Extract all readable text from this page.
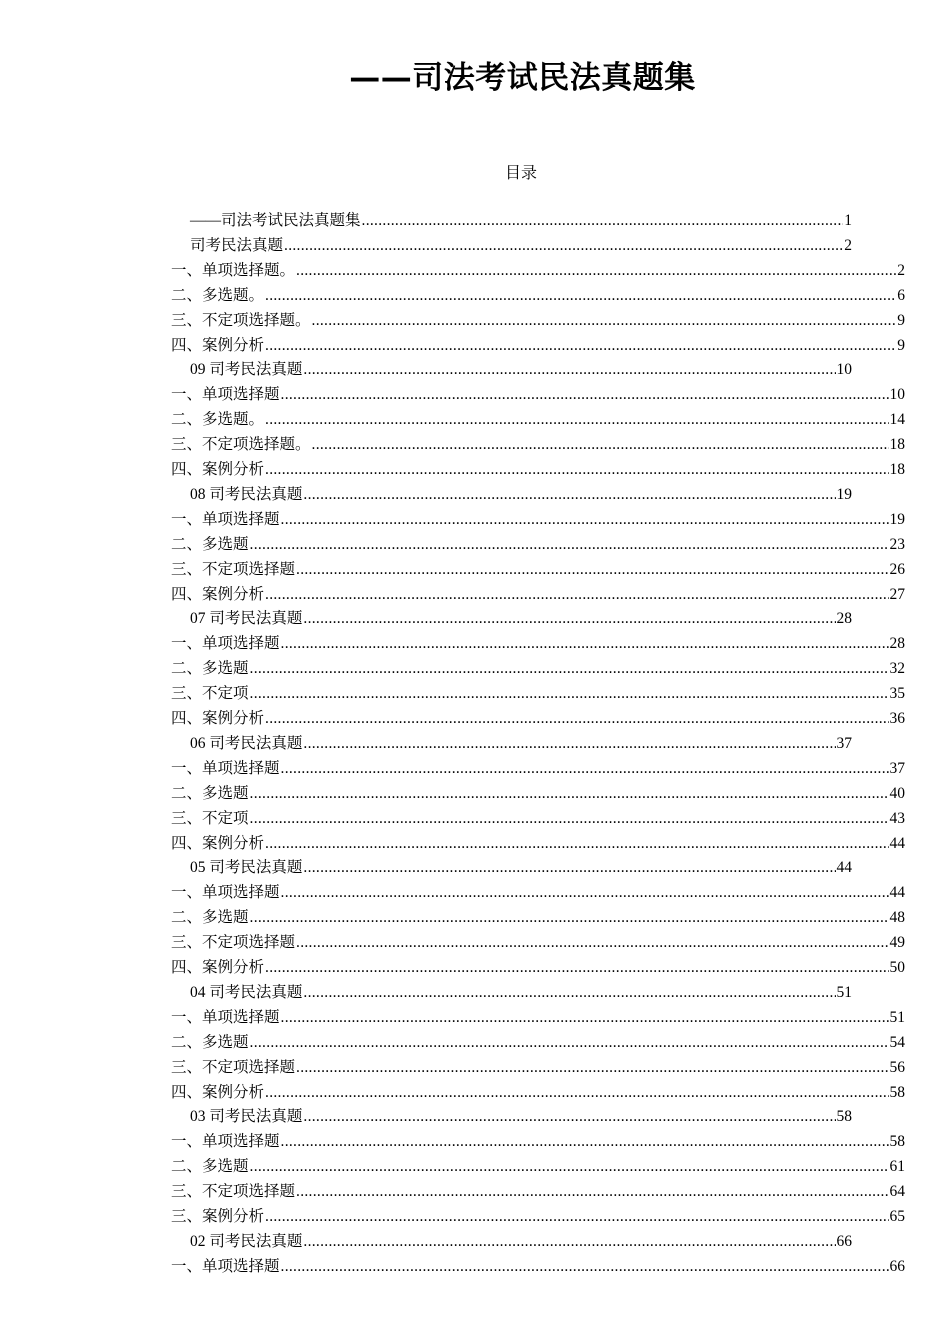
——司法考试民法真题集
目录
——司法考试民法真题集 .....	1
司考民法真题 .....	2
一、单项选择题。 .....	2
二、多选题。 .....	6
三、不定项选择题。 .....	9
四、案例分析 .....	9
09 司考民法真题 .....	10
一、单项选择题 .....	10
二、多选题。 .....	14
三、不定项选择题。 .....	18
四、案例分析 .....	18
08 司考民法真题 .....	19
一、单项选择题 .....	19
二、多选题 .....	23
三、不定项选择题 .....	26
四、案例分析 .....	27
07 司考民法真题 .....	28
一、单项选择题 .....	28
二、多选题 .....	32
三、不定项 .....	35
四、案例分析 .....	36
06 司考民法真题 .....	37
一、单项选择题 .....	37
二、多选题 .....	40
三、不定项 .....	43
四、案例分析 .....	44
05 司考民法真题 .....	44
一、单项选择题 .....	44
二、多选题 .....	48
三、不定项选择题 .....	49
四、案例分析 .....	50
04 司考民法真题 .....	51
一、单项选择题 .....	51
二、多选题 .....	54
三、不定项选择题 .....	56
四、案例分析 .....	58
03 司考民法真题 .....	58
一、单项选择题 .....	58
二、多选题 .....	61
三、不定项选择题 .....	64
三、案例分析 .....	65
02 司考民法真题 .....	66
一、单项选择题 .....	66
